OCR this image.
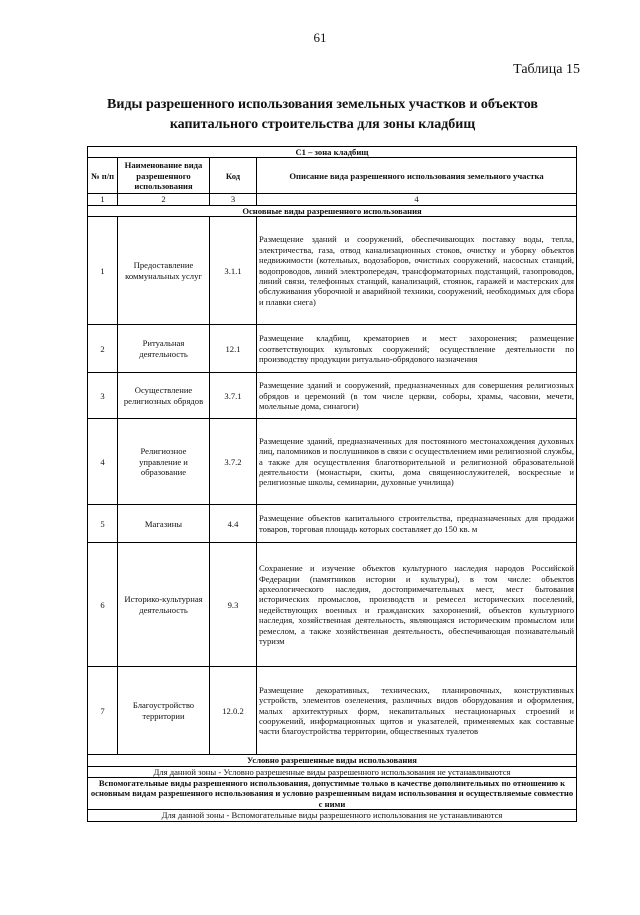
61
Таблица 15
Виды разрешенного использования земельных участков и объектов
капитального строительства для зоны кладбищ
С1 – зона кладбищ			
№ п/п	Наименование вида разрешенного использования	Код	Описание вида разрешенного использования земельного участка
1	2	3	4
Основные виды разрешенного использования			
1	Предоставление коммунальных услуг	3.1.1	Размещение зданий и сооружений, обеспечивающих поставку воды, тепла, электричества, газа, отвод канализационных стоков, очистку и уборку объектов недвижимости (котельных, водозаборов, очистных сооружений, насосных станций, водопроводов, линий электропередач, трансформаторных подстанций, газопроводов, линий связи, телефонных станций, канализаций, стоянок, гаражей и мастерских для обслуживания уборочной и аварийной техники, сооружений, необходимых для сбора и плавки снега)
2	Ритуальная деятельность	12.1	Размещение кладбищ, крематориев и мест захоронения; размещение соответствующих культовых сооружений; осуществление деятельности по производству продукции ритуально-обрядового назначения
3	Осуществление религиозных обрядов	3.7.1	Размещение зданий и сооружений, предназначенных для совершения религиозных обрядов и церемоний (в том числе церкви, соборы, храмы, часовни, мечети, молельные дома, синагоги)
4	Религиозное управление и образование	3.7.2	Размещение зданий, предназначенных для постоянного местонахождения духовных лиц, паломников и послушников в связи с осуществлением ими религиозной службы, а также для осуществления благотворительной и религиозной образовательной деятельности (монастыри, скиты, дома священнослужителей, воскресные и религиозные школы, семинарии, духовные училища)
5	Магазины	4.4	Размещение объектов капитального строительства, предназначенных для продажи товаров, торговая площадь которых составляет до 150 кв. м
6	Историко-культурная деятельность	9.3	Сохранение и изучение объектов культурного наследия народов Российской Федерации (памятников истории и культуры), в том числе: объектов археологического наследия, достопримечательных мест, мест бытования исторических промыслов, производств и ремесел исторических поселений, недействующих военных и гражданских захоронений, объектов культурного наследия, хозяйственная деятельность, являющаяся историческим промыслом или ремеслом, а также хозяйственная деятельность, обеспечивающая познавательный туризм
7	Благоустройство территории	12.0.2	Размещение декоративных, технических, планировочных, конструктивных устройств, элементов озеленения, различных видов оборудования и оформления, малых архитектурных форм, некапитальных нестационарных строений и сооружений, информационных щитов и указателей, применяемых как составные части благоустройства территории, общественных туалетов
Условно разрешенные виды использования			
Для данной зоны - Условно разрешенные виды разрешенного использования не устанавливаются			
Вспомогательные виды разрешенного использования, допустимые только в качестве дополнительных по отношению к основным видам разрешенного использования и условно разрешенным видам использования и осуществляемые совместно с ними			
Для данной зоны - Вспомогательные виды разрешенного использования не устанавливаются			
